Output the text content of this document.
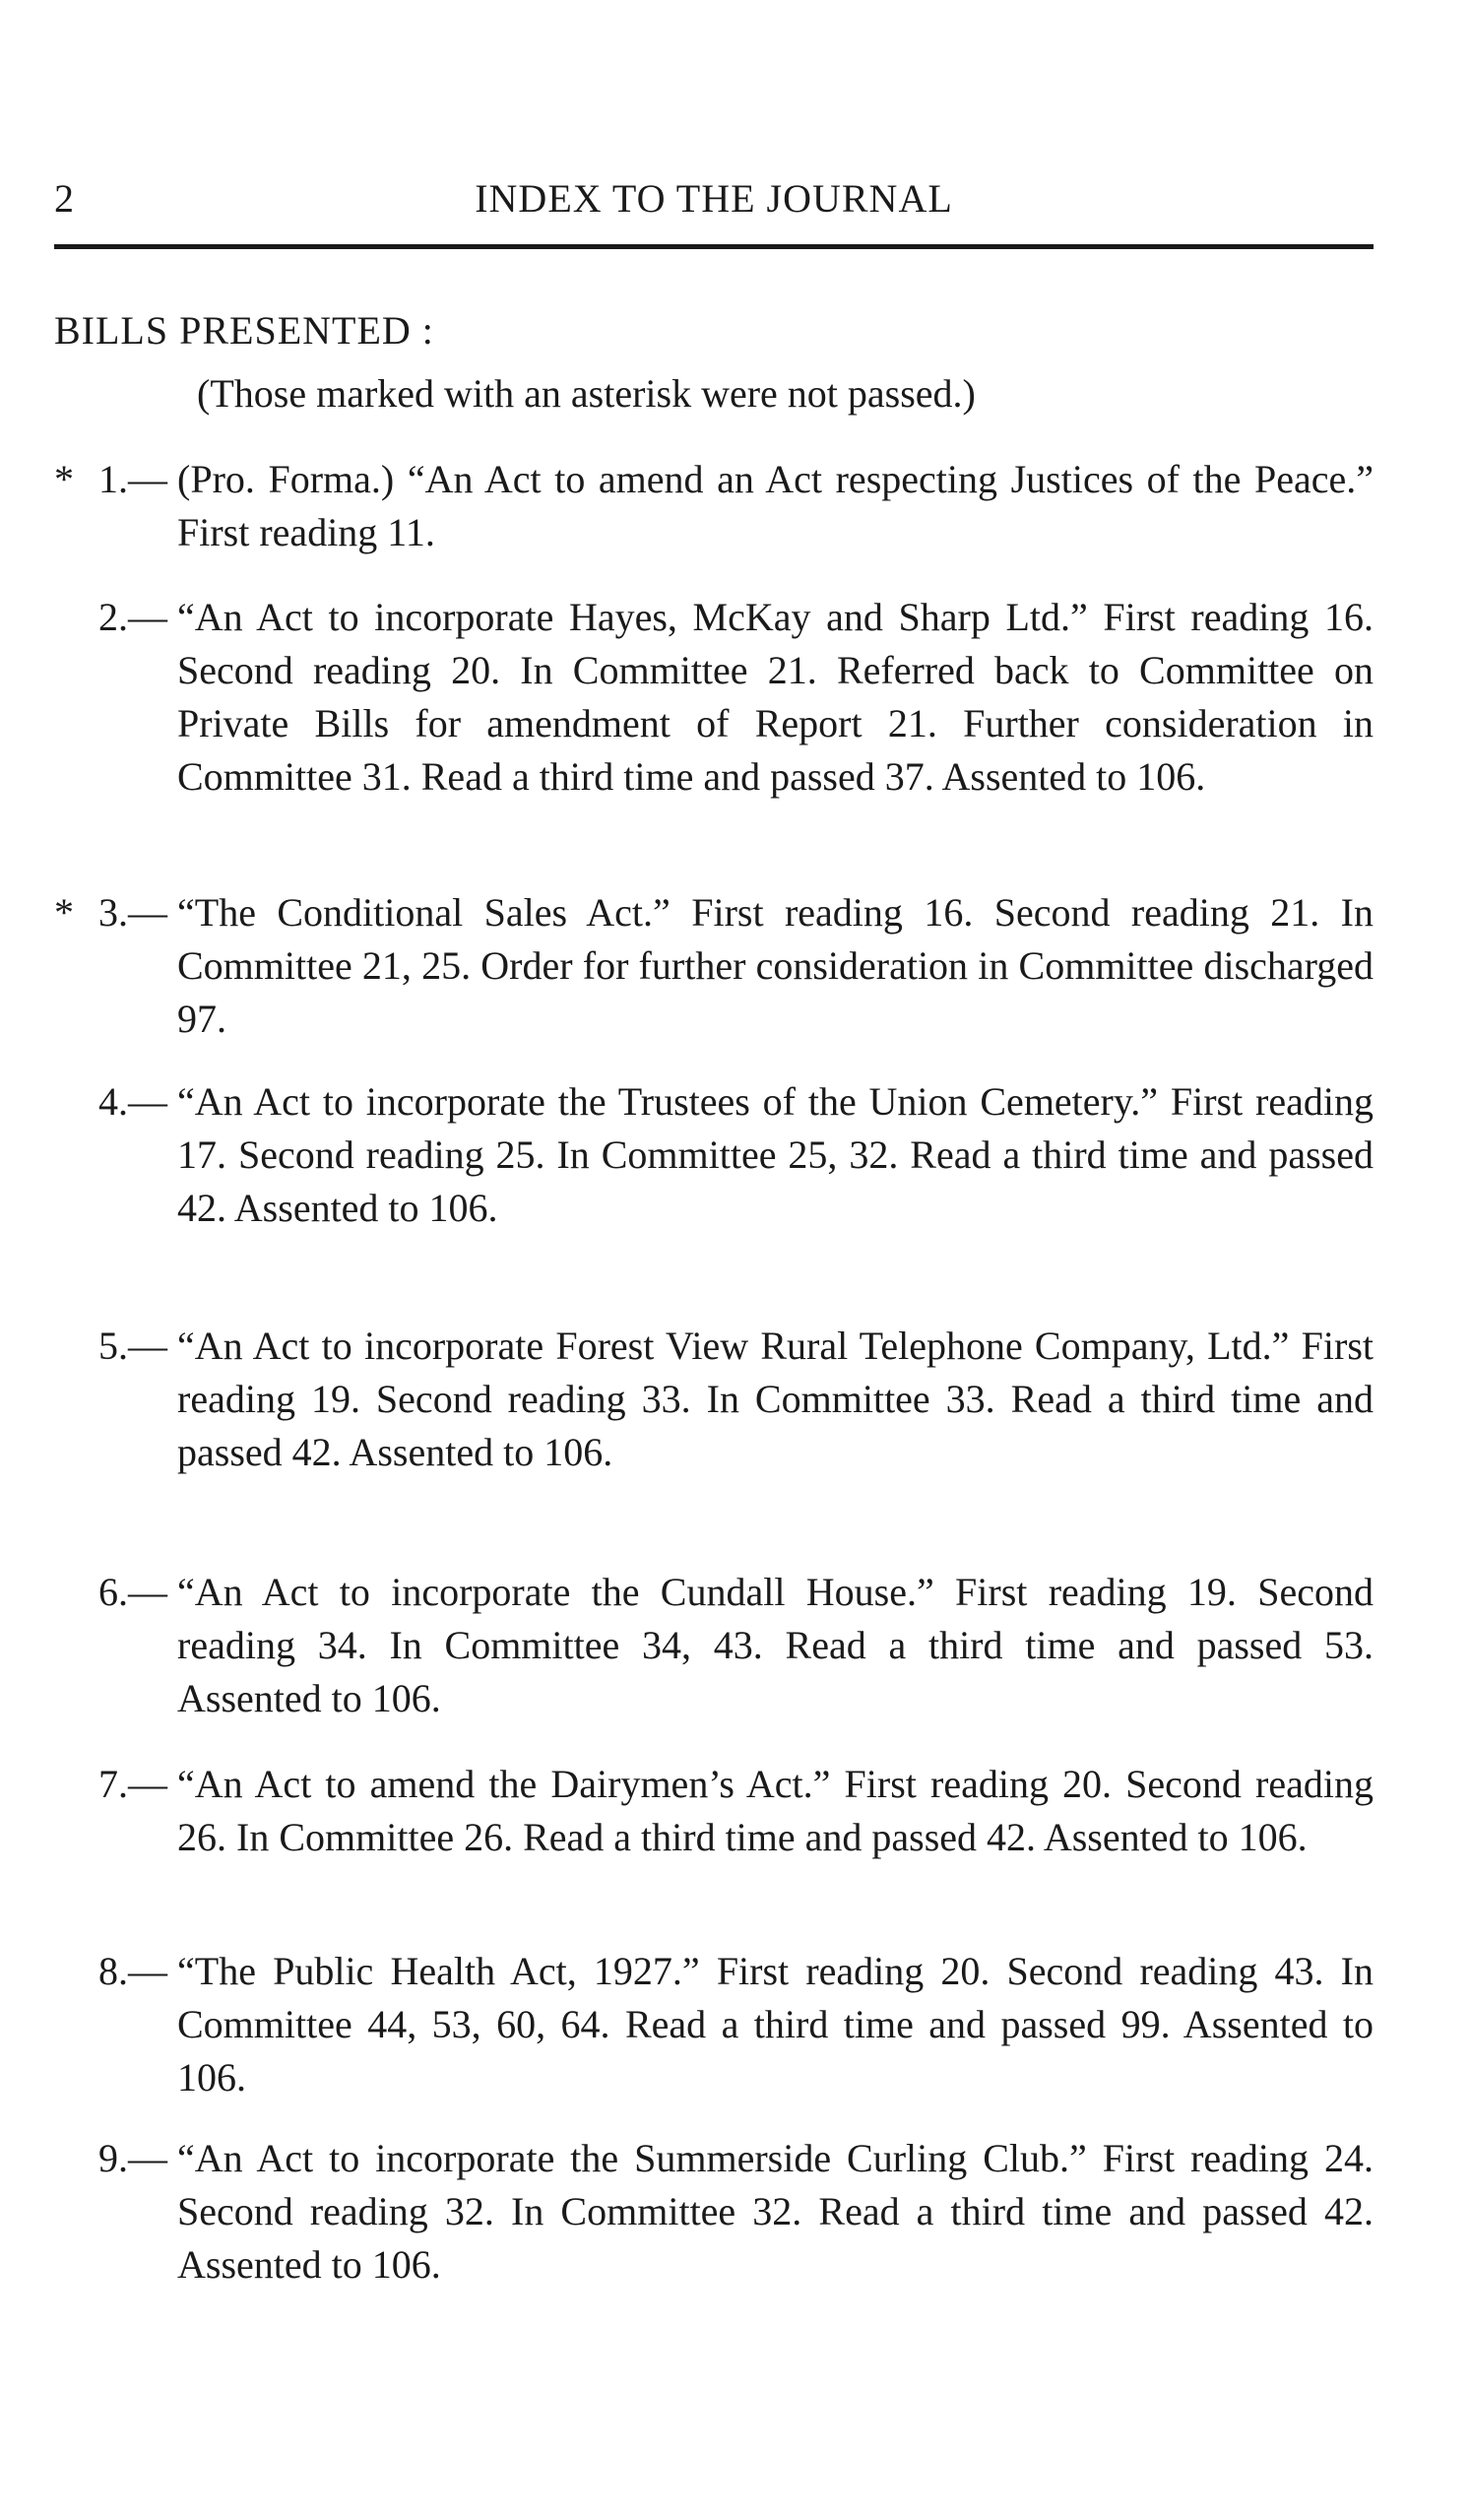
2	INDEX TO THE JOURNAL
BILLS PRESENTED :
(Those marked with an asterisk were not passed.)
* 1.— (Pro. Forma.) “An Act to amend an Act respecting Justices of the Peace.” First reading 11.
2.— “An Act to incorporate Hayes, McKay and Sharp Ltd.” First reading 16. Second reading 20. In Committee 21. Referred back to Committee on Private Bills for amendment of Report 21. Further consideration in Committee 31. Read a third time and passed 37. Assented to 106.
* 3.— “The Conditional Sales Act.” First reading 16. Second reading 21. In Committee 21, 25. Order for further consideration in Committee discharged 97.
4.— “An Act to incorporate the Trustees of the Union Cemetery.” First reading 17. Second reading 25. In Committee 25, 32. Read a third time and passed 42. Assented to 106.
5.— “An Act to incorporate Forest View Rural Telephone Company, Ltd.” First reading 19. Second reading 33. In Committee 33. Read a third time and passed 42. Assented to 106.
6.— “An Act to incorporate the Cundall House.” First reading 19. Second reading 34. In Committee 34, 43. Read a third time and passed 53. Assented to 106.
7.— “An Act to amend the Dairymen’s Act.” First reading 20. Second reading 26. In Committee 26. Read a third time and passed 42. Assented to 106.
8.— “The Public Health Act, 1927.” First reading 20. Second reading 43. In Committee 44, 53, 60, 64. Read a third time and passed 99. Assented to 106.
9.— “An Act to incorporate the Summerside Curling Club.” First reading 24. Second reading 32. In Committee 32. Read a third time and passed 42. Assented to 106.
